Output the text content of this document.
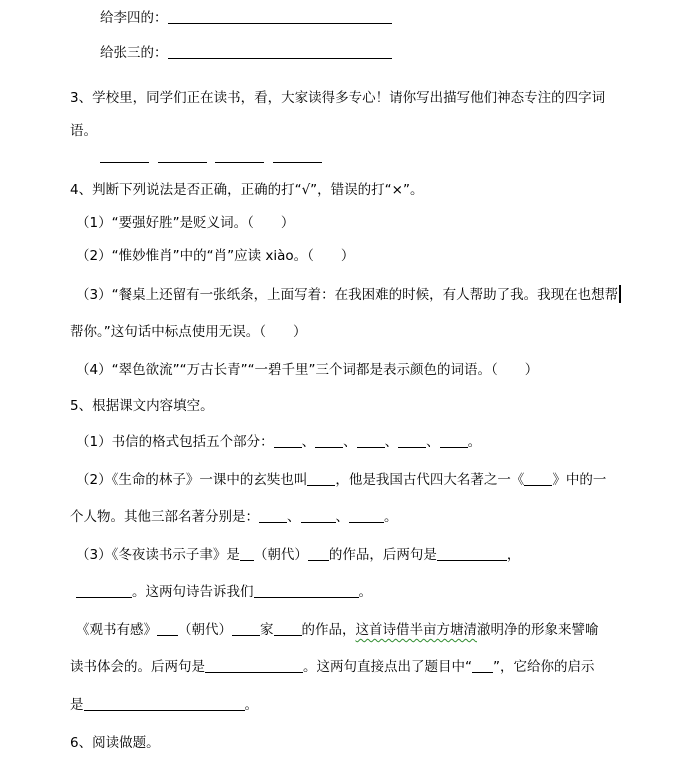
给李四的：
给张三的：
3、学校里，同学们正在读书，看，大家读得多专心！请你写出描写他们神态专注的四字词
语。

4、判断下列说法是否正确，正确的打“√”，错误的打“×”。
（1）“要强好胜”是贬义词。（　　）
（2）“惟妙惟肖”中的“肖”应读 xiào。（　　）
（3）“餐桌上还留有一张纸条，上面写着：在我困难的时候，有人帮助了我。我现在也想帮
帮你。”这句话中标点使用无误。（　　）
（4）“翠色欲流”“万古长青”“一碧千里”三个词都是表示颜色的词语。（　　）
5、根据课文内容填空。
（1）书信的格式包括五个部分： 、 、 、 、 。
（2）《生命的林子》一课中的玄奘也叫 ，他是我国古代四大名著之一《 》中的一
个人物。其他三部名著分别是： 、	、	。
（3）《冬夜读书示子聿》是 （朝代） 的作品，后两句是	，
。这两句诗告诉我们	。
《观书有感》 （朝代） 家 的作品，这首诗借半亩方塘清澈明净的形象来譬喻
读书体会的。后两句是	。这两句直接点出了题目中“ ”，它给你的启示
是	。
6、阅读做题。
